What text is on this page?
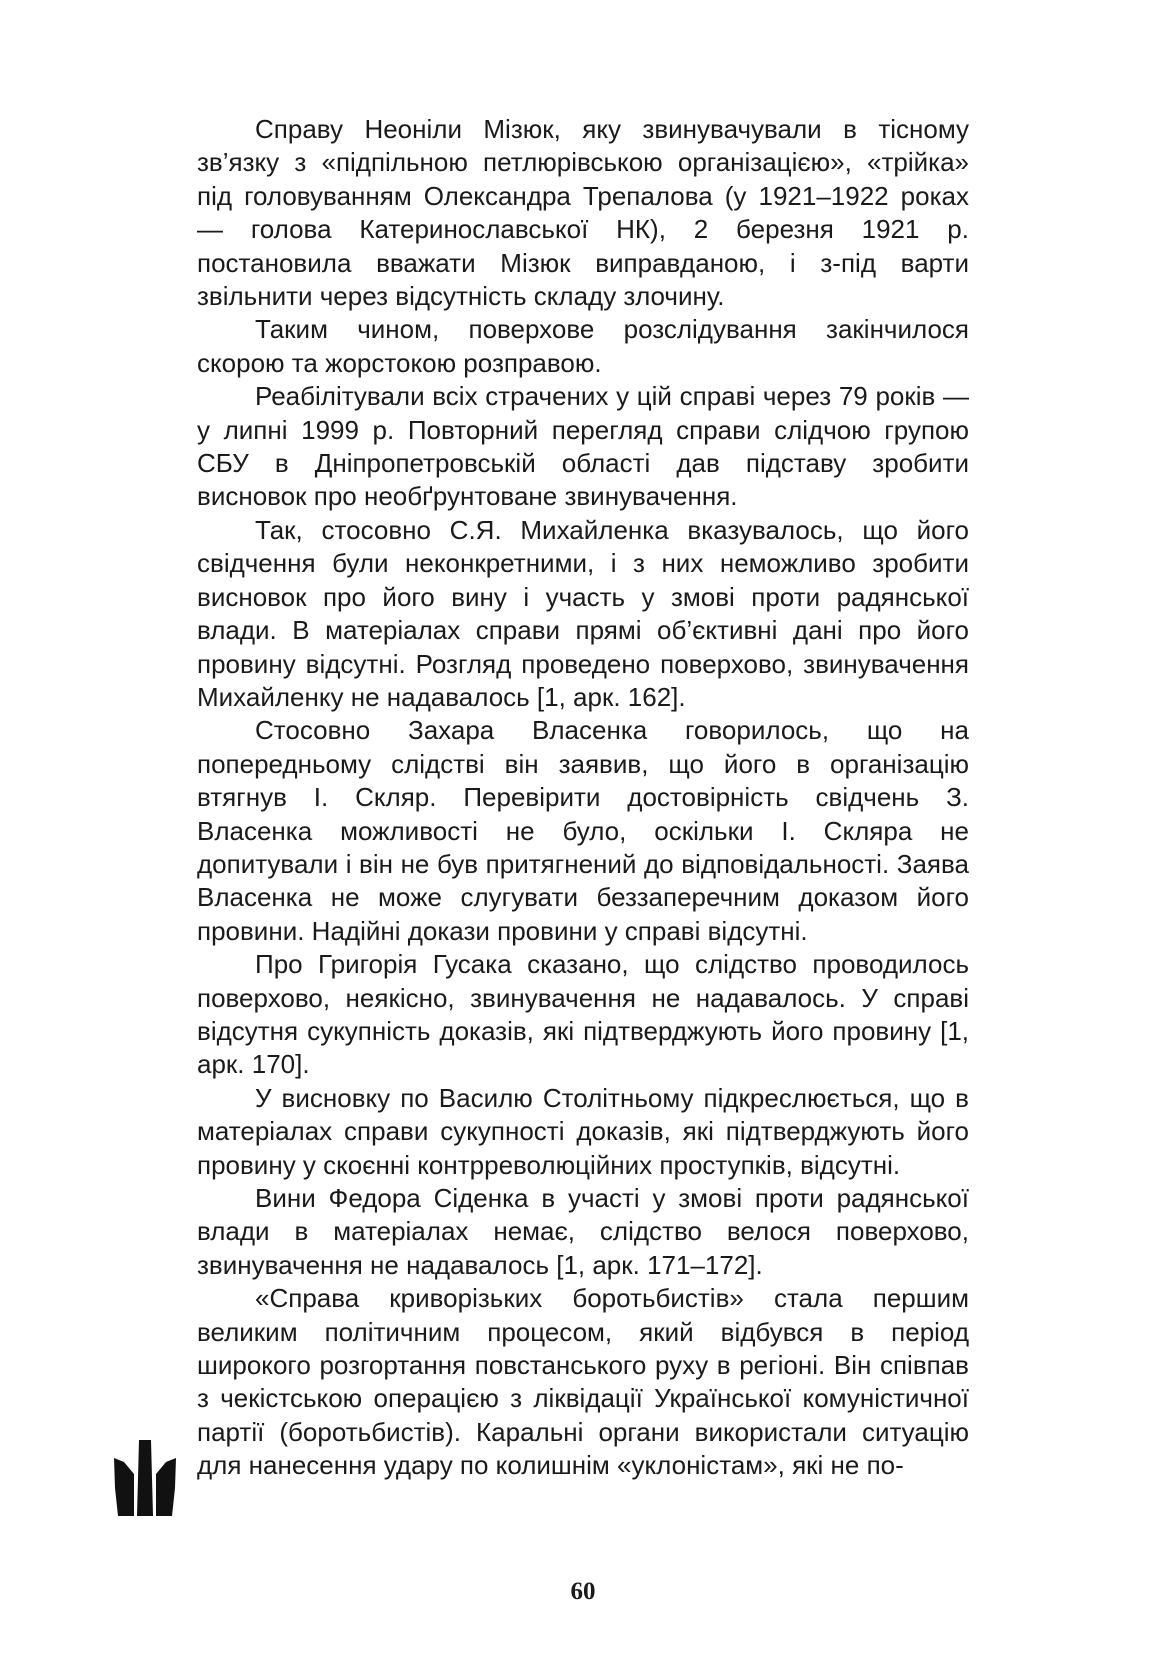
Справу Неоніли Мізюк, яку звинувачували в тісному зв’язку з «підпільною петлюрівською організацією», «трійка» під головуванням Олександра Трепалова (у 1921–1922 роках — голова Катеринославської НК), 2 березня 1921 р. постановила вважати Мізюк виправданою, і з-під варти звільнити через відсутність складу злочину.

Таким чином, поверхове розслідування закінчилося скорою та жорстокою розправою.

Реабілітували всіх страчених у цій справі через 79 років — у липні 1999 р. Повторний перегляд справи слідчою групою СБУ в Дніпропетровській області дав підставу зробити висновок про необґрунтоване звинувачення.

Так, стосовно С.Я. Михайленка вказувалось, що його свідчення були неконкретними, і з них неможливо зробити висновок про його вину і участь у змові проти радянської влади. В матеріалах справи прямі об’єктивні дані про його провину відсутні. Розгляд проведено поверхово, звинувачення Михайленку не надавалось [1, арк. 162].

Стосовно Захара Власенка говорилось, що на попередньому слідстві він заявив, що його в організацію втягнув І. Скляр. Перевірити достовірність свідчень З. Власенка можливості не було, оскільки І. Скляра не допитували і він не був притягнений до відповідальності. Заява Власенка не може слугувати беззаперечним доказом його провини. Надійні докази провини у справі відсутні.

Про Григорія Гусака сказано, що слідство проводилось поверхово, неякісно, звинувачення не надавалось. У справі відсутня сукупність доказів, які підтверджують його провину [1, арк. 170].

У висновку по Василю Столітньому підкреслюється, що в матеріалах справи сукупності доказів, які підтверджують його провину у скоєнні контрреволюційних проступків, відсутні.

Вини Федора Сіденка в участі у змові проти радянської влади в матеріалах немає, слідство велося поверхово, звинувачення не надавалось [1, арк. 171–172].

«Справа криворізьких боротьбистів» стала першим великим політичним процесом, який відбувся в період широкого розгортання повстанського руху в регіоні. Він співпав з чекістською операцією з ліквідації Української комуністичної партії (боротьбистів). Каральні органи використали ситуацію для нанесення удару по колишнім «уклоністам», які не по-

60
